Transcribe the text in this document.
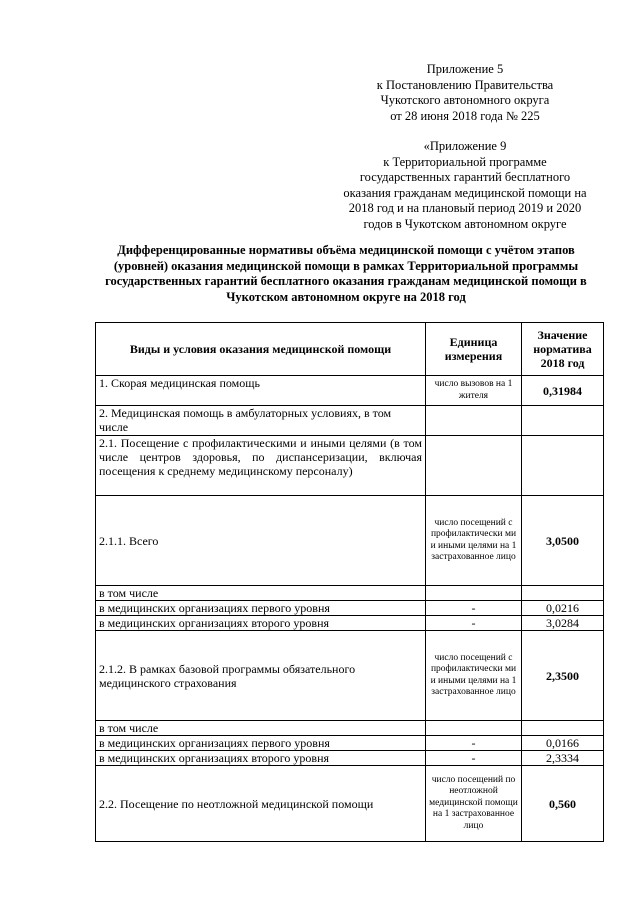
Приложение 5
к Постановлению Правительства
Чукотского автономного округа
от 28 июня 2018 года № 225
«Приложение 9
к Территориальной программе
государственных гарантий бесплатного
оказания гражданам медицинской помощи на
2018 год и на плановый период 2019 и 2020
годов в Чукотском автономном округе
Дифференцированные нормативы объёма медицинской помощи с учётом этапов
(уровней) оказания медицинской помощи в рамках Территориальной программы
государственных гарантий бесплатного оказания гражданам медицинской помощи в
Чукотском автономном округе на 2018 год
Виды и условия оказания медицинской помощи	Единица измерения	Значение норматива 2018 год
1. Скорая медицинская помощь	число вызовов на 1 жителя	0,31984
2. Медицинская помощь в амбулаторных условиях, в том числе		
2.1. Посещение с профилактическими и иными целями (в том числе центров здоровья, по диспансеризации, включая посещения к среднему медицинскому персоналу)		
2.1.1. Всего	число посещений с профилактически ми и иными целями на 1 застрахованное лицо	3,0500
в том числе		
в медицинских организациях первого уровня	-	0,0216
в медицинских организациях второго уровня	-	3,0284
2.1.2. В рамках базовой программы обязательного медицинского страхования	число посещений с профилактически ми и иными целями на 1 застрахованное лицо	2,3500
в том числе		
в медицинских организациях первого уровня	-	0,0166
в медицинских организациях второго уровня	-	2,3334
2.2. Посещение по неотложной медицинской помощи	число посещений по неотложной медицинской помощи на 1 застрахованное лицо	0,560
